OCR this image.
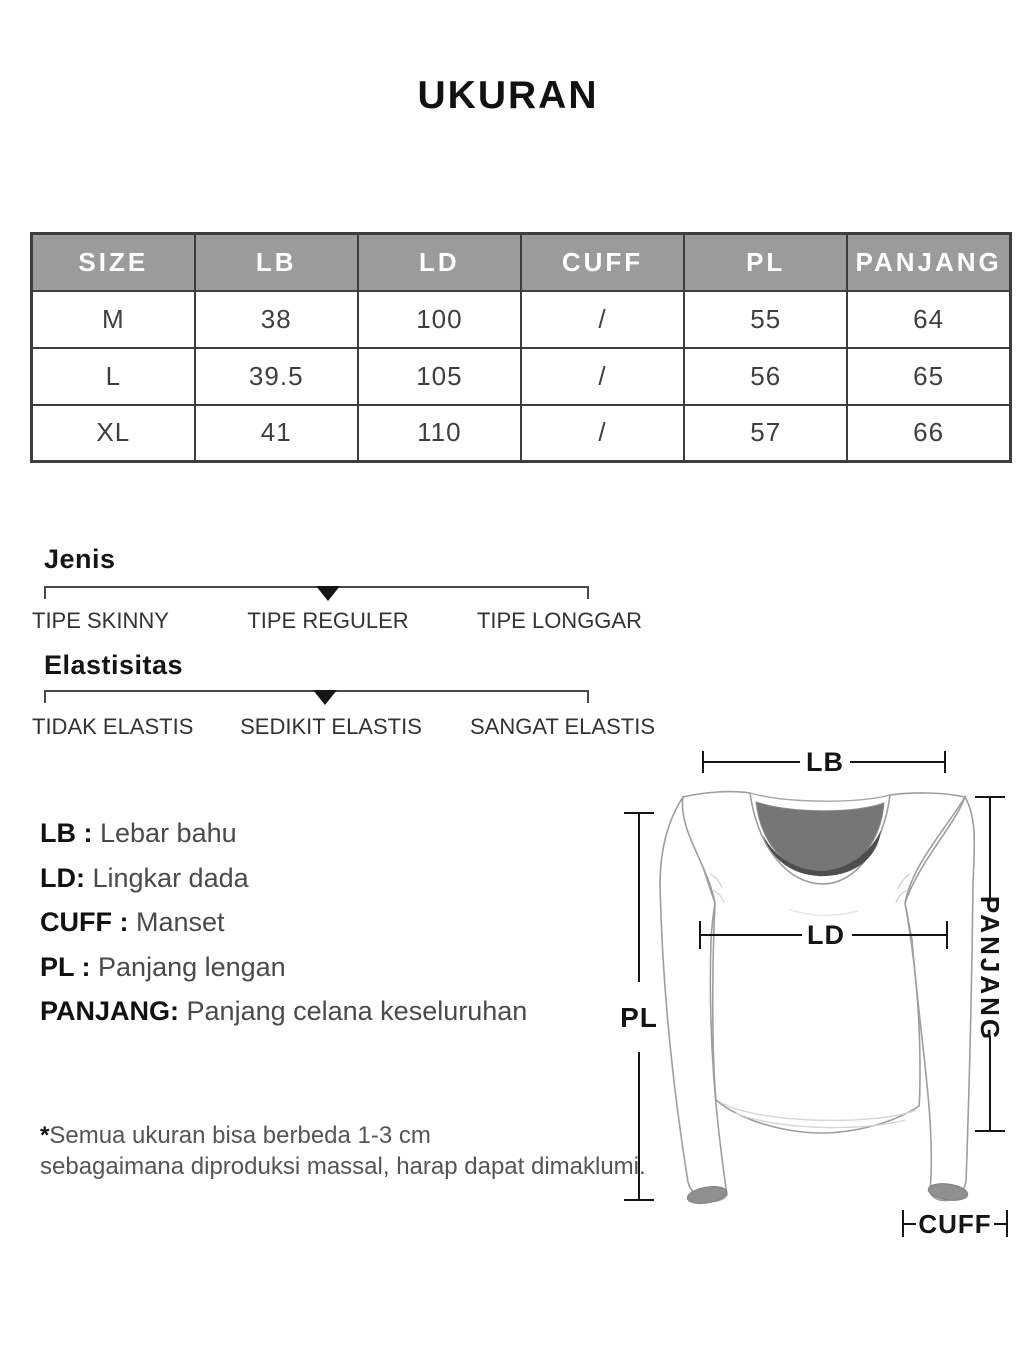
UKURAN
SIZE	LB	LD	CUFF	PL	PANJANG
M	38	100	/	55	64
L	39.5	105	/	56	65
XL	41	110	/	57	66
Jenis
TIPE SKINNY	TIPE REGULER	TIPE LONGGAR
Elastisitas
TIDAK ELASTIS SEDIKIT ELASTIS SANGAT ELASTIS
LB : Lebar bahu
LD: Lingkar dada
CUFF : Manset
PL : Panjang lengan
PANJANG: Panjang celana keseluruhan
*Semua ukuran bisa berbeda 1-3 cm
sebagaimana diproduksi massal, harap dapat dimaklumi.
LB
LD
PL	PANJANG
CUFF
